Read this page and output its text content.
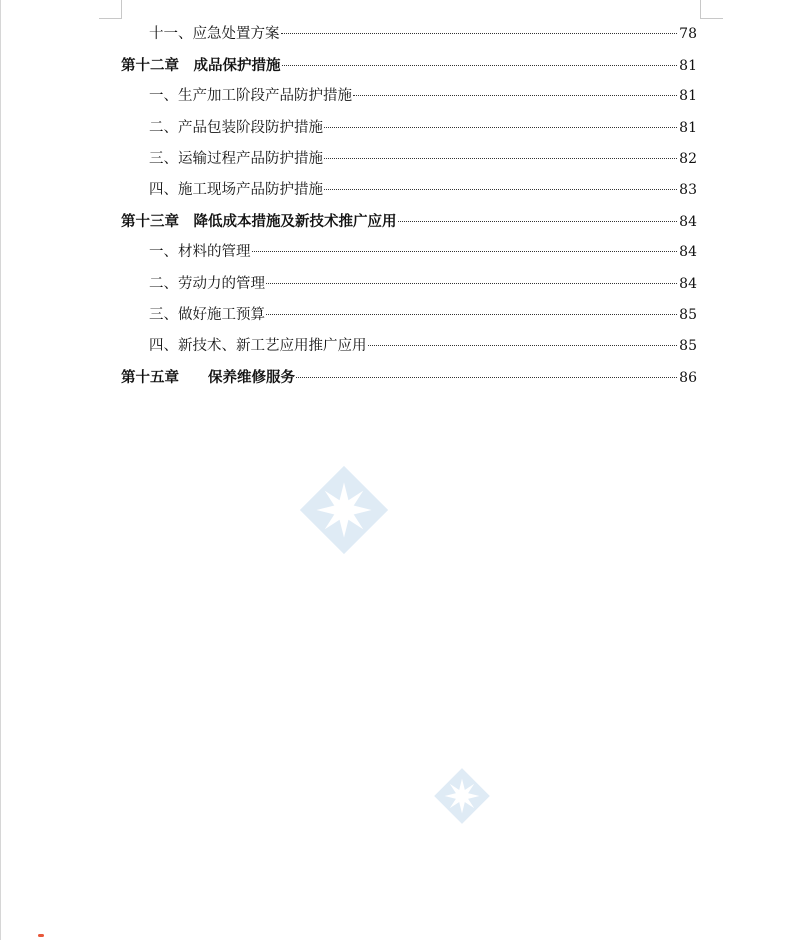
十一、应急处置方案	78
第十二章　成品保护措施	81
一、生产加工阶段产品防护措施	81
二、产品包装阶段防护措施	81
三、运输过程产品防护措施	82
四、施工现场产品防护措施	83
第十三章　降低成本措施及新技术推广应用	84
一、材料的管理	84
二、劳动力的管理	84
三、做好施工预算	85
四、新技术、新工艺应用推广应用	85
第十五章　　保养维修服务	86
